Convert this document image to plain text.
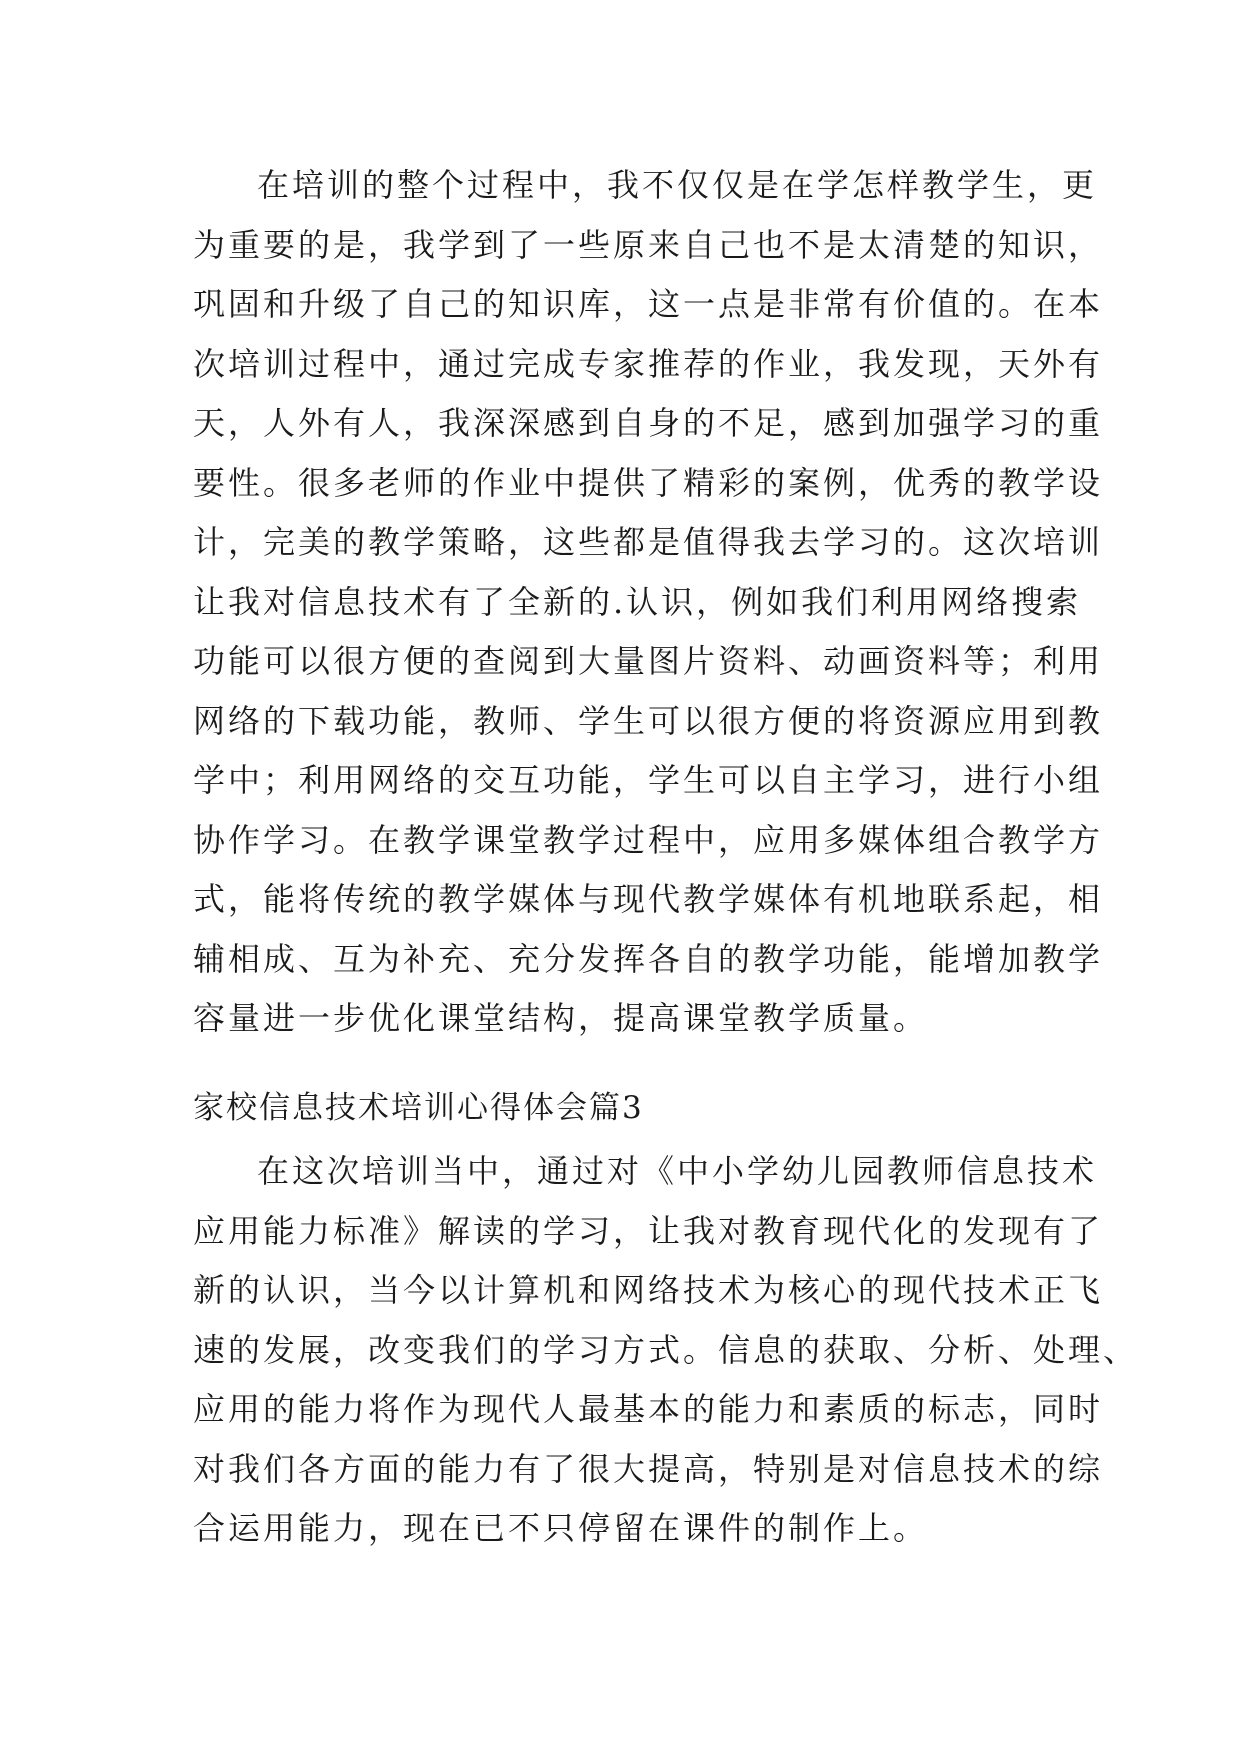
在培训的整个过程中，我不仅仅是在学怎样教学生，更
为重要的是，我学到了一些原来自己也不是太清楚的知识，
巩固和升级了自己的知识库，这一点是非常有价值的。在本
次培训过程中，通过完成专家推荐的作业，我发现，天外有
天，人外有人，我深深感到自身的不足，感到加强学习的重
要性。很多老师的作业中提供了精彩的案例，优秀的教学设
计，完美的教学策略，这些都是值得我去学习的。这次培训
让我对信息技术有了全新的.认识，例如我们利用网络搜索
功能可以很方便的查阅到大量图片资料、动画资料等；利用
网络的下载功能，教师、学生可以很方便的将资源应用到教
学中；利用网络的交互功能，学生可以自主学习，进行小组
协作学习。在教学课堂教学过程中，应用多媒体组合教学方
式，能将传统的教学媒体与现代教学媒体有机地联系起，相
辅相成、互为补充、充分发挥各自的教学功能，能增加教学
容量进一步优化课堂结构，提高课堂教学质量。
家校信息技术培训心得体会篇3
在这次培训当中，通过对《中小学幼儿园教师信息技术
应用能力标准》解读的学习，让我对教育现代化的发现有了
新的认识，当今以计算机和网络技术为核心的现代技术正飞
速的发展，改变我们的学习方式。信息的获取、分析、处理、
应用的能力将作为现代人最基本的能力和素质的标志，同时
对我们各方面的能力有了很大提高，特别是对信息技术的综
合运用能力，现在已不只停留在课件的制作上。
